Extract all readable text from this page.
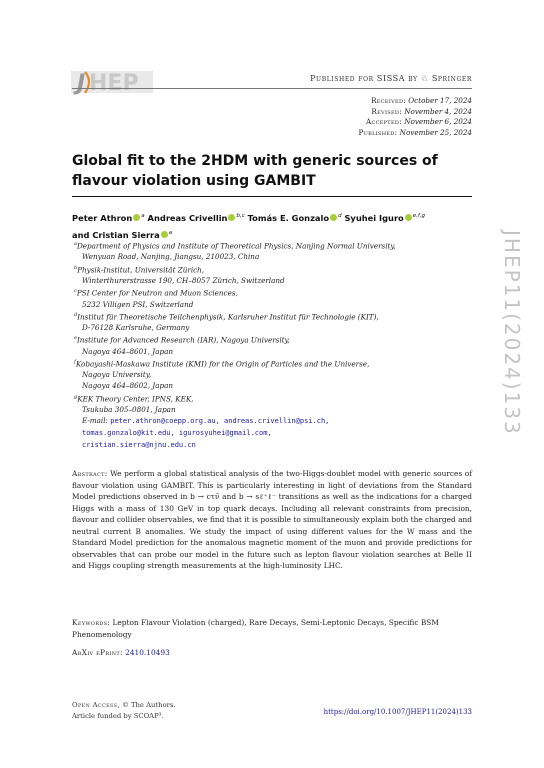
J HEP	Published for SISSA by ♘ Springer
Received: October 17, 2024
Revised: November 4, 2024
Accepted: November 6, 2024
Published: November 25, 2024
Global fit to the 2HDM with generic sources of flavour violation using GAMBIT
Peter Athron $^a$ Andreas Crivellin $^{b,c}$ Tomás E. Gonzalo $^d$ Syuhei Iguro $^{e,f,g}$
and Cristian Sierra $^a$
$^a$Department of Physics and Institute of Theoretical Physics, Nanjing Normal University,
Wenyuan Road, Nanjing, Jiangsu, 210023, China
$^b$Physik-Institut, Universität Zürich,
Winterthurerstrasse 190, CH–8057 Zürich, Switzerland
$^c$PSI Center for Neutron and Muon Sciences,
5232 Villigen PSI, Switzerland
$^d$Institut für Theoretische Teilchenphysik, Karlsruher Institut für Technologie (KIT),
D-76128 Karlsruhe, Germany
$^e$Institute for Advanced Research (IAR), Nagoya University,
Nagoya 464–8601, Japan
$^f$Kobayashi-Maskawa Institute (KMI) for the Origin of Particles and the Universe,
Nagoya University,
Nagoya 464–8602, Japan
$^g$KEK Theory Center, IPNS, KEK,
Tsukuba 305–0801, Japan
E-mail: peter.athron@coepp.org.au, andreas.crivellin@psi.ch,
tomas.gonzalo@kit.edu, igurosyuhei@gmail.com,
cristian.sierra@njnu.edu.cn
Abstract: We perform a global statistical analysis of the two-Higgs-doublet model with generic sources of flavour violation using GAMBIT. This is particularly interesting in light of deviations from the Standard Model predictions observed in b → cτν̄ and b → sℓ⁺ℓ⁻ transitions as well as the indications for a charged Higgs with a mass of 130 GeV in top quark decays. Including all relevant constraints from precision, flavour and collider observables, we find that it is possible to simultaneously explain both the charged and neutral current B anomalies. We study the impact of using different values for the W mass and the Standard Model prediction for the anomalous magnetic moment of the muon and provide predictions for observables that can probe our model in the future such as lepton flavour violation searches at Belle II and Higgs coupling strength measurements at the high-luminosity LHC.
Keywords: Lepton Flavour Violation (charged), Rare Decays, Semi-Leptonic Decays, Specific BSM Phenomenology
ArXiv ePrint: 2410.10493
Open Access, © The Authors.
Article funded by SCOAP³.	https://doi.org/10.1007/JHEP11(2024)133
JHEP11(2024)133
